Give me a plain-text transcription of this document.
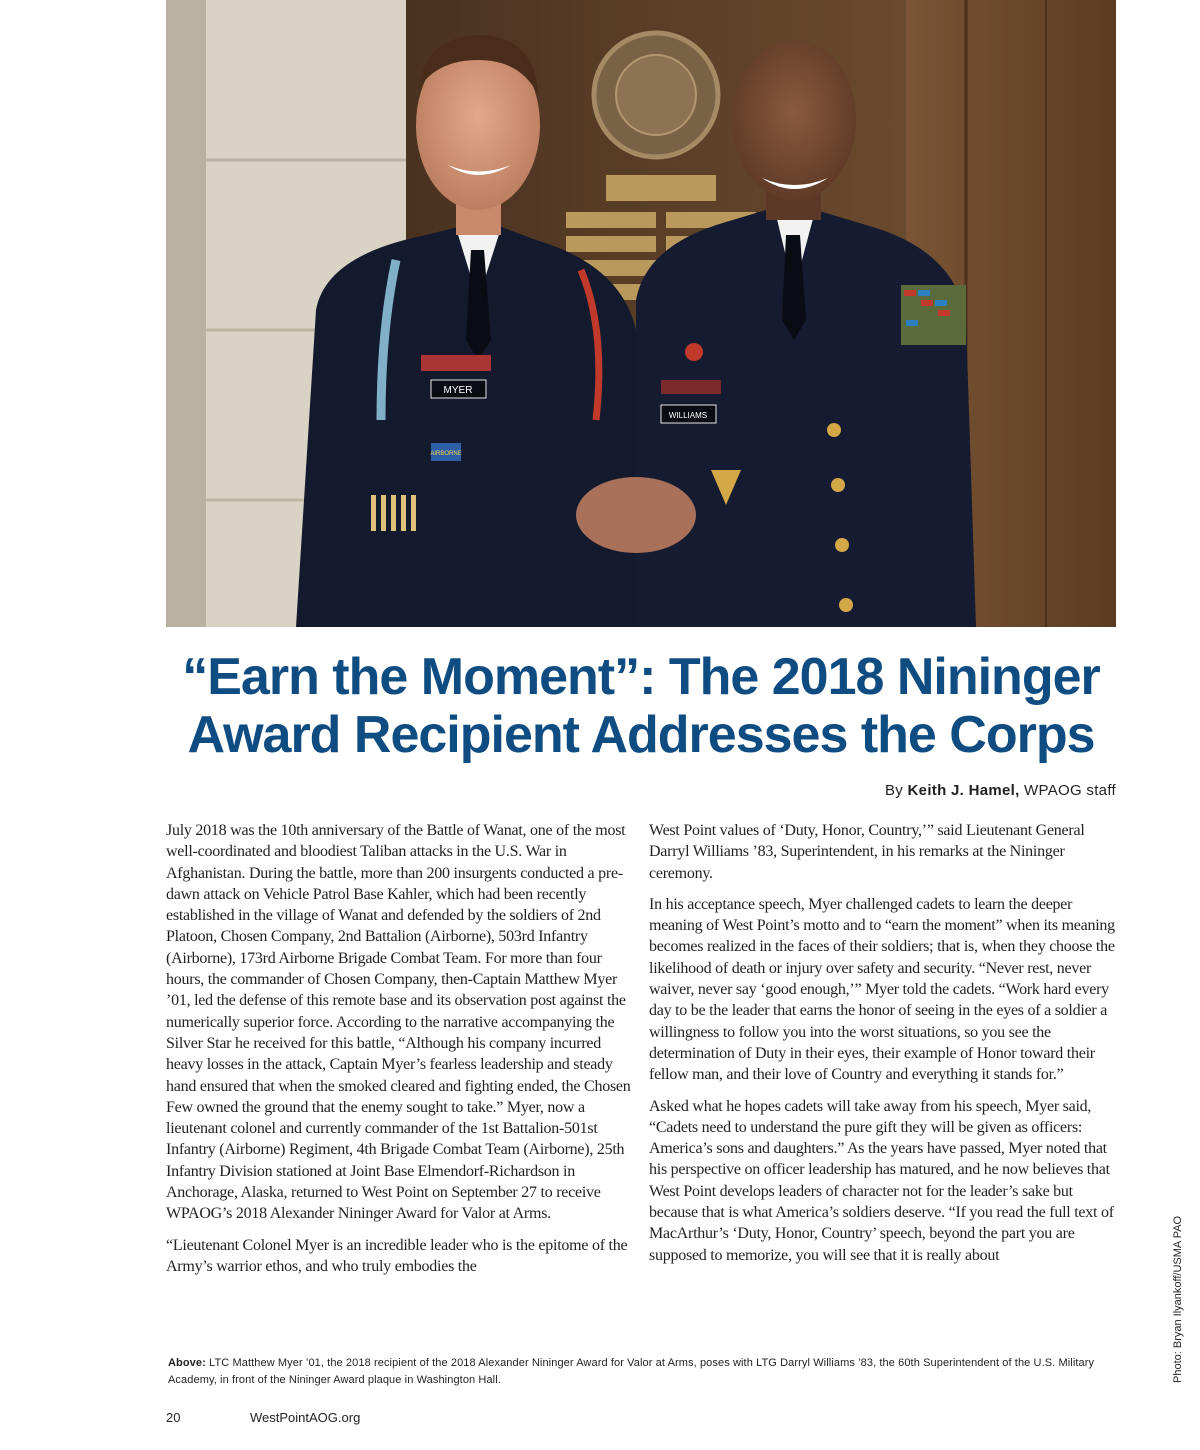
MYER
AIRBORNE
WILLIAMS
“Earn the Moment”: The 2018 Nininger
Award Recipient Addresses the Corps
By Keith J. Hamel, WPAOG staff

July 2018 was the 10th anniversary of the Battle of Wanat, one of the most well-coordinated and bloodiest Taliban attacks in the U.S. War in Afghanistan. During the battle, more than 200 insurgents conducted a pre-dawn attack on Vehicle Patrol Base Kahler, which had been recently established in the village of Wanat and defended by the soldiers of 2nd Platoon, Chosen Company, 2nd Battalion (Airborne), 503rd Infantry (Airborne), 173rd Airborne Brigade Combat Team. For more than four hours, the commander of Chosen Company, then-Captain Matthew Myer ’01, led the defense of this remote base and its observation post against the numerically superior force. According to the narrative accompanying the Silver Star he received for this battle, “Although his company incurred heavy losses in the attack, Captain Myer’s fearless leadership and steady hand ensured that when the smoked cleared and fighting ended, the Chosen Few owned the ground that the enemy sought to take.” Myer, now a lieutenant colonel and currently commander of the 1st Battalion-501st Infantry (Airborne) Regiment, 4th Brigade Combat Team (Airborne), 25th Infantry Division stationed at Joint Base Elmendorf-Richardson in Anchorage, Alaska, returned to West Point on September 27 to receive WPAOG’s 2018 Alexander Nininger Award for Valor at Arms.

“Lieutenant Colonel Myer is an incredible leader who is the epitome of the Army’s warrior ethos, and who truly embodies the

West Point values of ‘Duty, Honor, Country,’” said Lieutenant General Darryl Williams ’83, Superintendent, in his remarks at the Nininger ceremony.

In his acceptance speech, Myer challenged cadets to learn the deeper meaning of West Point’s motto and to “earn the moment” when its meaning becomes realized in the faces of their soldiers; that is, when they choose the likelihood of death or injury over safety and security. “Never rest, never waiver, never say ‘good enough,’” Myer told the cadets. “Work hard every day to be the leader that earns the honor of seeing in the eyes of a soldier a willingness to follow you into the worst situations, so you see the determination of Duty in their eyes, their example of Honor toward their fellow man, and their love of Country and everything it stands for.”

Asked what he hopes cadets will take away from his speech, Myer said, “Cadets need to understand the pure gift they will be given as officers: America’s sons and daughters.” As the years have passed, Myer noted that his perspective on officer leadership has matured, and he now believes that West Point develops leaders of character not for the leader’s sake but because that is what America’s soldiers deserve. “If you read the full text of MacArthur’s ‘Duty, Honor, Country’ speech, beyond the part you are supposed to memorize, you will see that it is really about

Above: LTC Matthew Myer ’01, the 2018 recipient of the 2018 Alexander Nininger Award for Valor at Arms, poses with LTG Darryl Williams ’83, the 60th Superintendent of the U.S. Military Academy, in front of the Nininger Award plaque in Washington Hall.	Photo: Bryan Ilyankoff/USMA PAO
20	WestPointAOG.org
